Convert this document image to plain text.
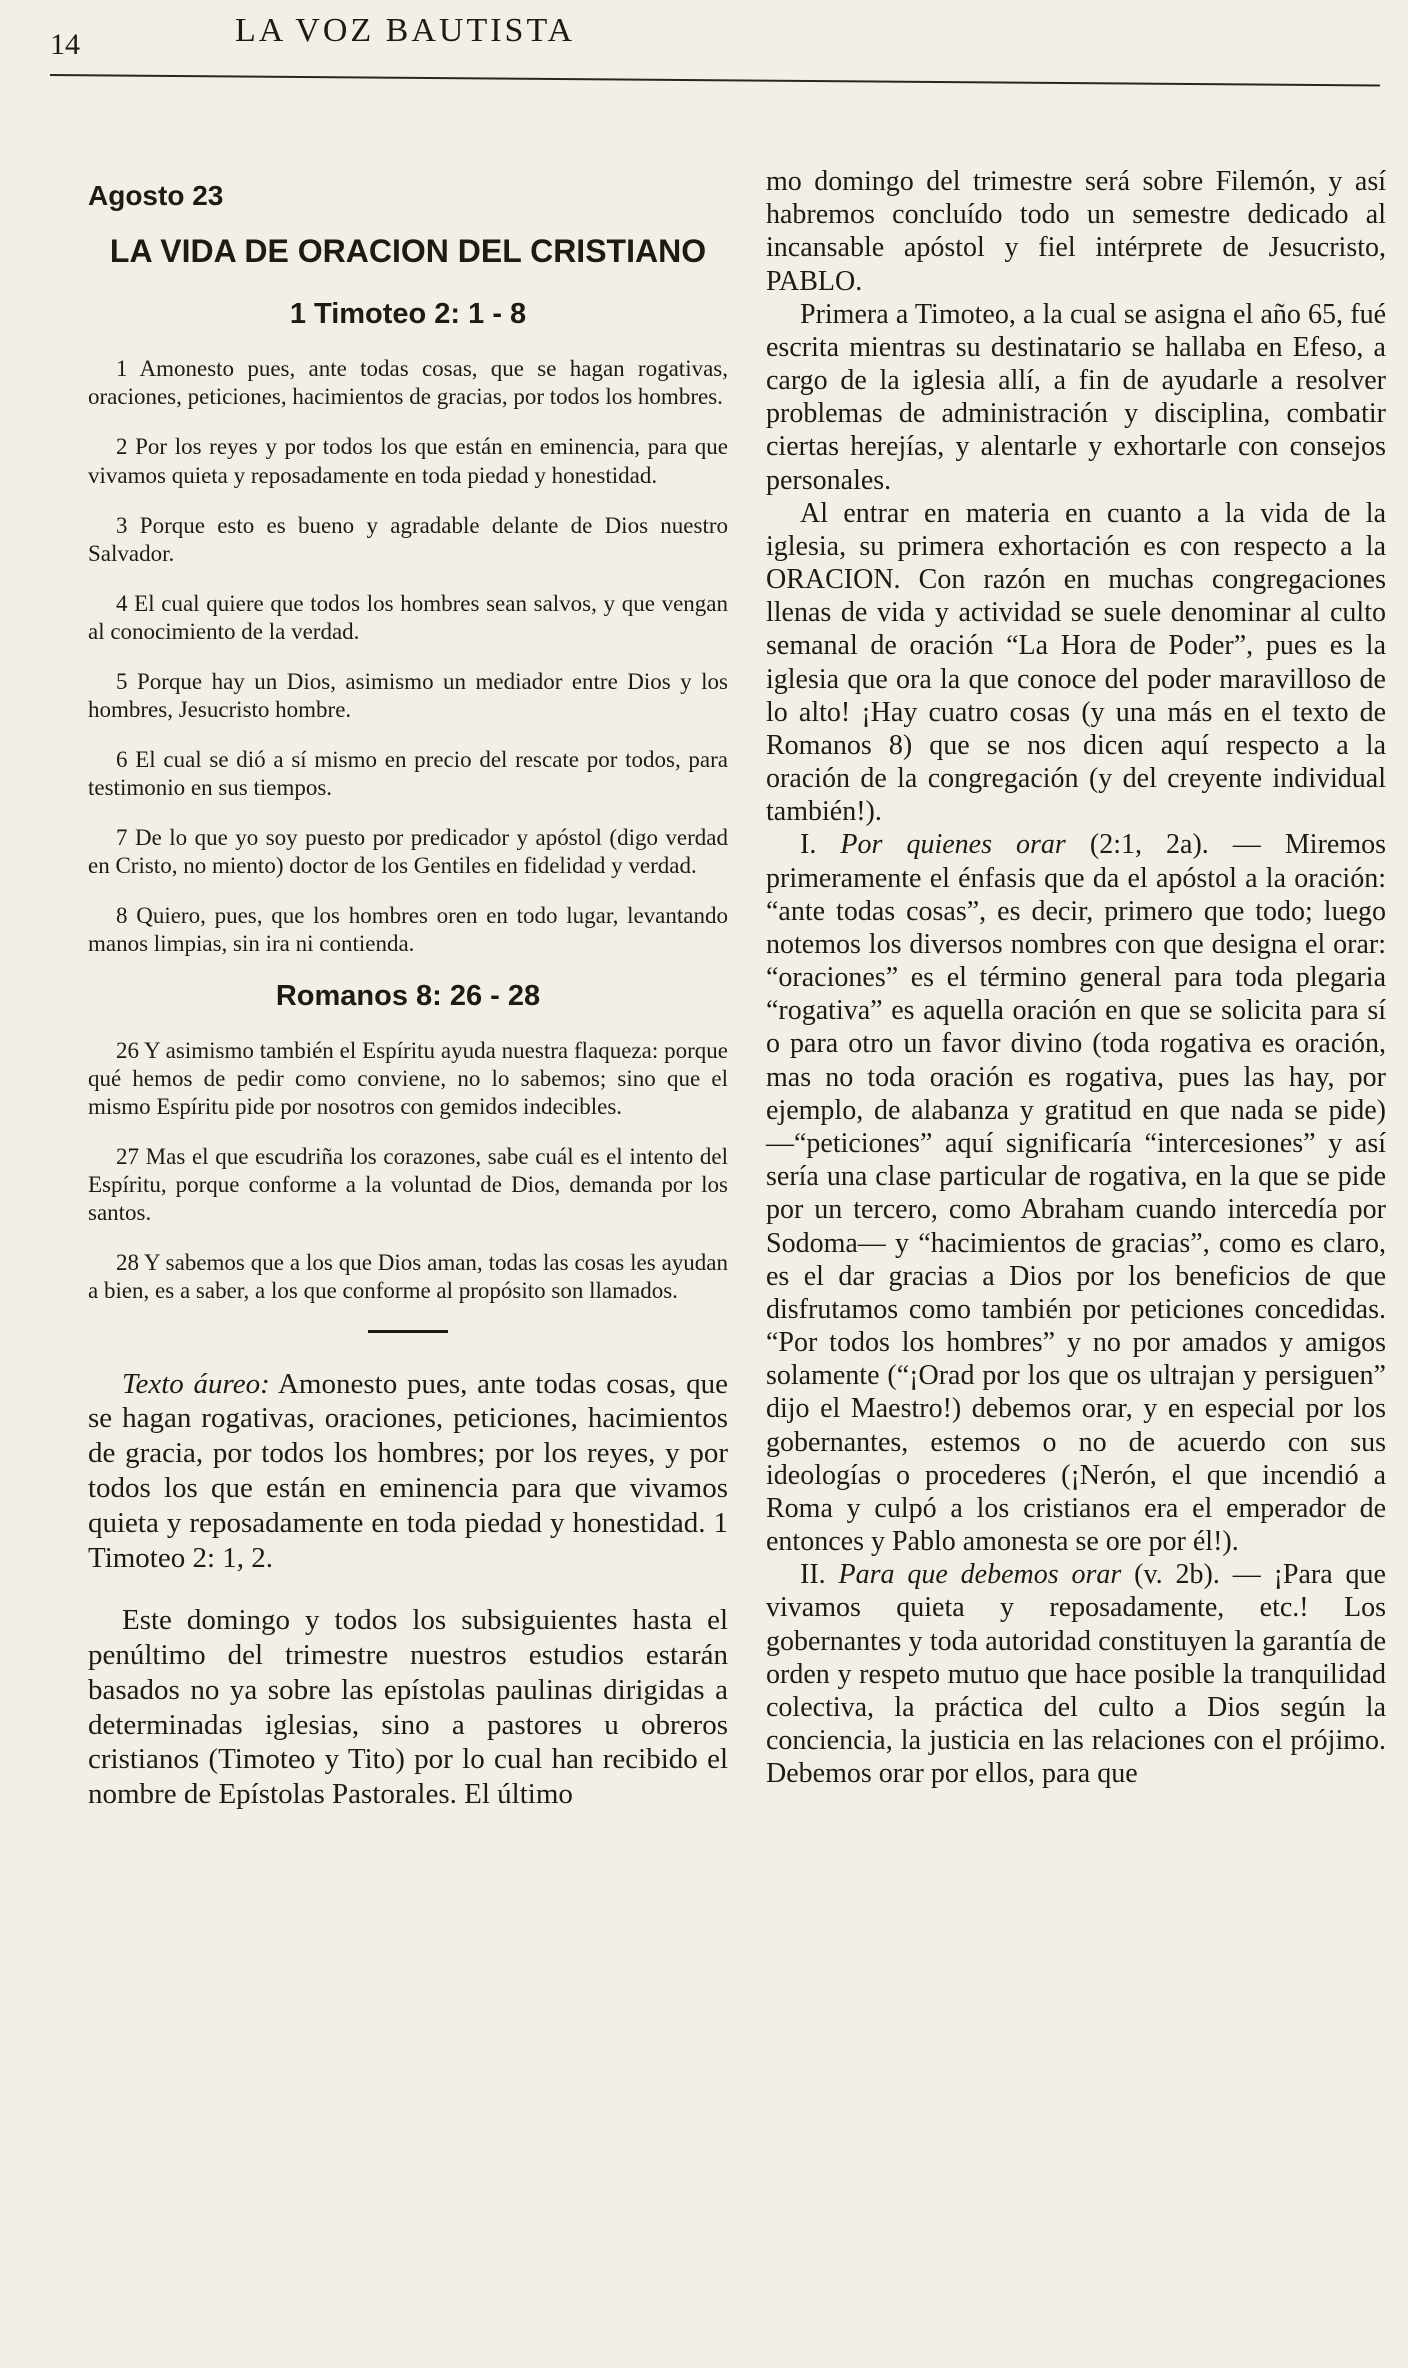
14	LA VOZ BAUTISTA
Agosto 23
LA VIDA DE ORACION DEL CRISTIANO
1 Timoteo 2: 1 - 8

1 Amonesto pues, ante todas cosas, que se hagan rogativas, oraciones, peticiones, hacimientos de gracias, por todos los hombres.

2 Por los reyes y por todos los que están en eminencia, para que vivamos quieta y reposadamente en toda piedad y honestidad.

3 Porque esto es bueno y agradable delante de Dios nuestro Salvador.

4 El cual quiere que todos los hombres sean salvos, y que vengan al conocimiento de la verdad.

5 Porque hay un Dios, asimismo un mediador entre Dios y los hombres, Jesucristo hombre.

6 El cual se dió a sí mismo en precio del rescate por todos, para testimonio en sus tiempos.

7 De lo que yo soy puesto por predicador y apóstol (digo verdad en Cristo, no miento) doctor de los Gentiles en fidelidad y verdad.

8 Quiero, pues, que los hombres oren en todo lugar, levantando manos limpias, sin ira ni contienda.

Romanos 8: 26 - 28

26 Y asimismo también el Espíritu ayuda nuestra flaqueza: porque qué hemos de pedir como conviene, no lo sabemos; sino que el mismo Espíritu pide por nosotros con gemidos indecibles.

27 Mas el que escudriña los corazones, sabe cuál es el intento del Espíritu, porque conforme a la voluntad de Dios, demanda por los santos.

28 Y sabemos que a los que Dios aman, todas las cosas les ayudan a bien, es a saber, a los que conforme al propósito son llamados.

Texto áureo: Amonesto pues, ante todas cosas, que se hagan rogativas, oraciones, peticiones, hacimientos de gracia, por todos los hombres; por los reyes, y por todos los que están en eminencia para que vivamos quieta y reposadamente en toda piedad y honestidad. 1 Timoteo 2: 1, 2.

Este domingo y todos los subsiguientes hasta el penúltimo del trimestre nuestros estudios estarán basados no ya sobre las epístolas paulinas dirigidas a determinadas iglesias, sino a pastores u obreros cristianos (Timoteo y Tito) por lo cual han recibido el nombre de Epístolas Pastorales. El último

mo domingo del trimestre será sobre Filemón, y así habremos concluído todo un semestre dedicado al incansable apóstol y fiel intérprete de Jesucristo, PABLO.

Primera a Timoteo, a la cual se asigna el año 65, fué escrita mientras su destinatario se hallaba en Efeso, a cargo de la iglesia allí, a fin de ayudarle a resolver problemas de administración y disciplina, combatir ciertas herejías, y alentarle y exhortarle con consejos personales.

Al entrar en materia en cuanto a la vida de la iglesia, su primera exhortación es con respecto a la ORACION. Con razón en muchas congregaciones llenas de vida y actividad se suele denominar al culto semanal de oración “La Hora de Poder”, pues es la iglesia que ora la que conoce del poder maravilloso de lo alto! ¡Hay cuatro cosas (y una más en el texto de Romanos 8) que se nos dicen aquí respecto a la oración de la congregación (y del creyente individual también!).

I. Por quienes orar (2:1, 2a). — Miremos primeramente el énfasis que da el apóstol a la oración: “ante todas cosas”, es decir, primero que todo; luego notemos los diversos nombres con que designa el orar: “oraciones” es el término general para toda plegaria “rogativa” es aquella oración en que se solicita para sí o para otro un favor divino (toda rogativa es oración, mas no toda oración es rogativa, pues las hay, por ejemplo, de alabanza y gratitud en que nada se pide) —“peticiones” aquí significaría “intercesiones” y así sería una clase particular de rogativa, en la que se pide por un tercero, como Abraham cuando intercedía por Sodoma— y “hacimientos de gracias”, como es claro, es el dar gracias a Dios por los beneficios de que disfrutamos como también por peticiones concedidas. “Por todos los hombres” y no por amados y amigos solamente (“¡Orad por los que os ultrajan y persiguen” dijo el Maestro!) debemos orar, y en especial por los gobernantes, estemos o no de acuerdo con sus ideologías o procederes (¡Nerón, el que incendió a Roma y culpó a los cristianos era el emperador de entonces y Pablo amonesta se ore por él!).

II. Para que debemos orar (v. 2b). — ¡Para que vivamos quieta y reposadamente, etc.! Los gobernantes y toda autoridad constituyen la garantía de orden y respeto mutuo que hace posible la tranquilidad colectiva, la práctica del culto a Dios según la conciencia, la justicia en las relaciones con el prójimo. Debemos orar por ellos, para que
